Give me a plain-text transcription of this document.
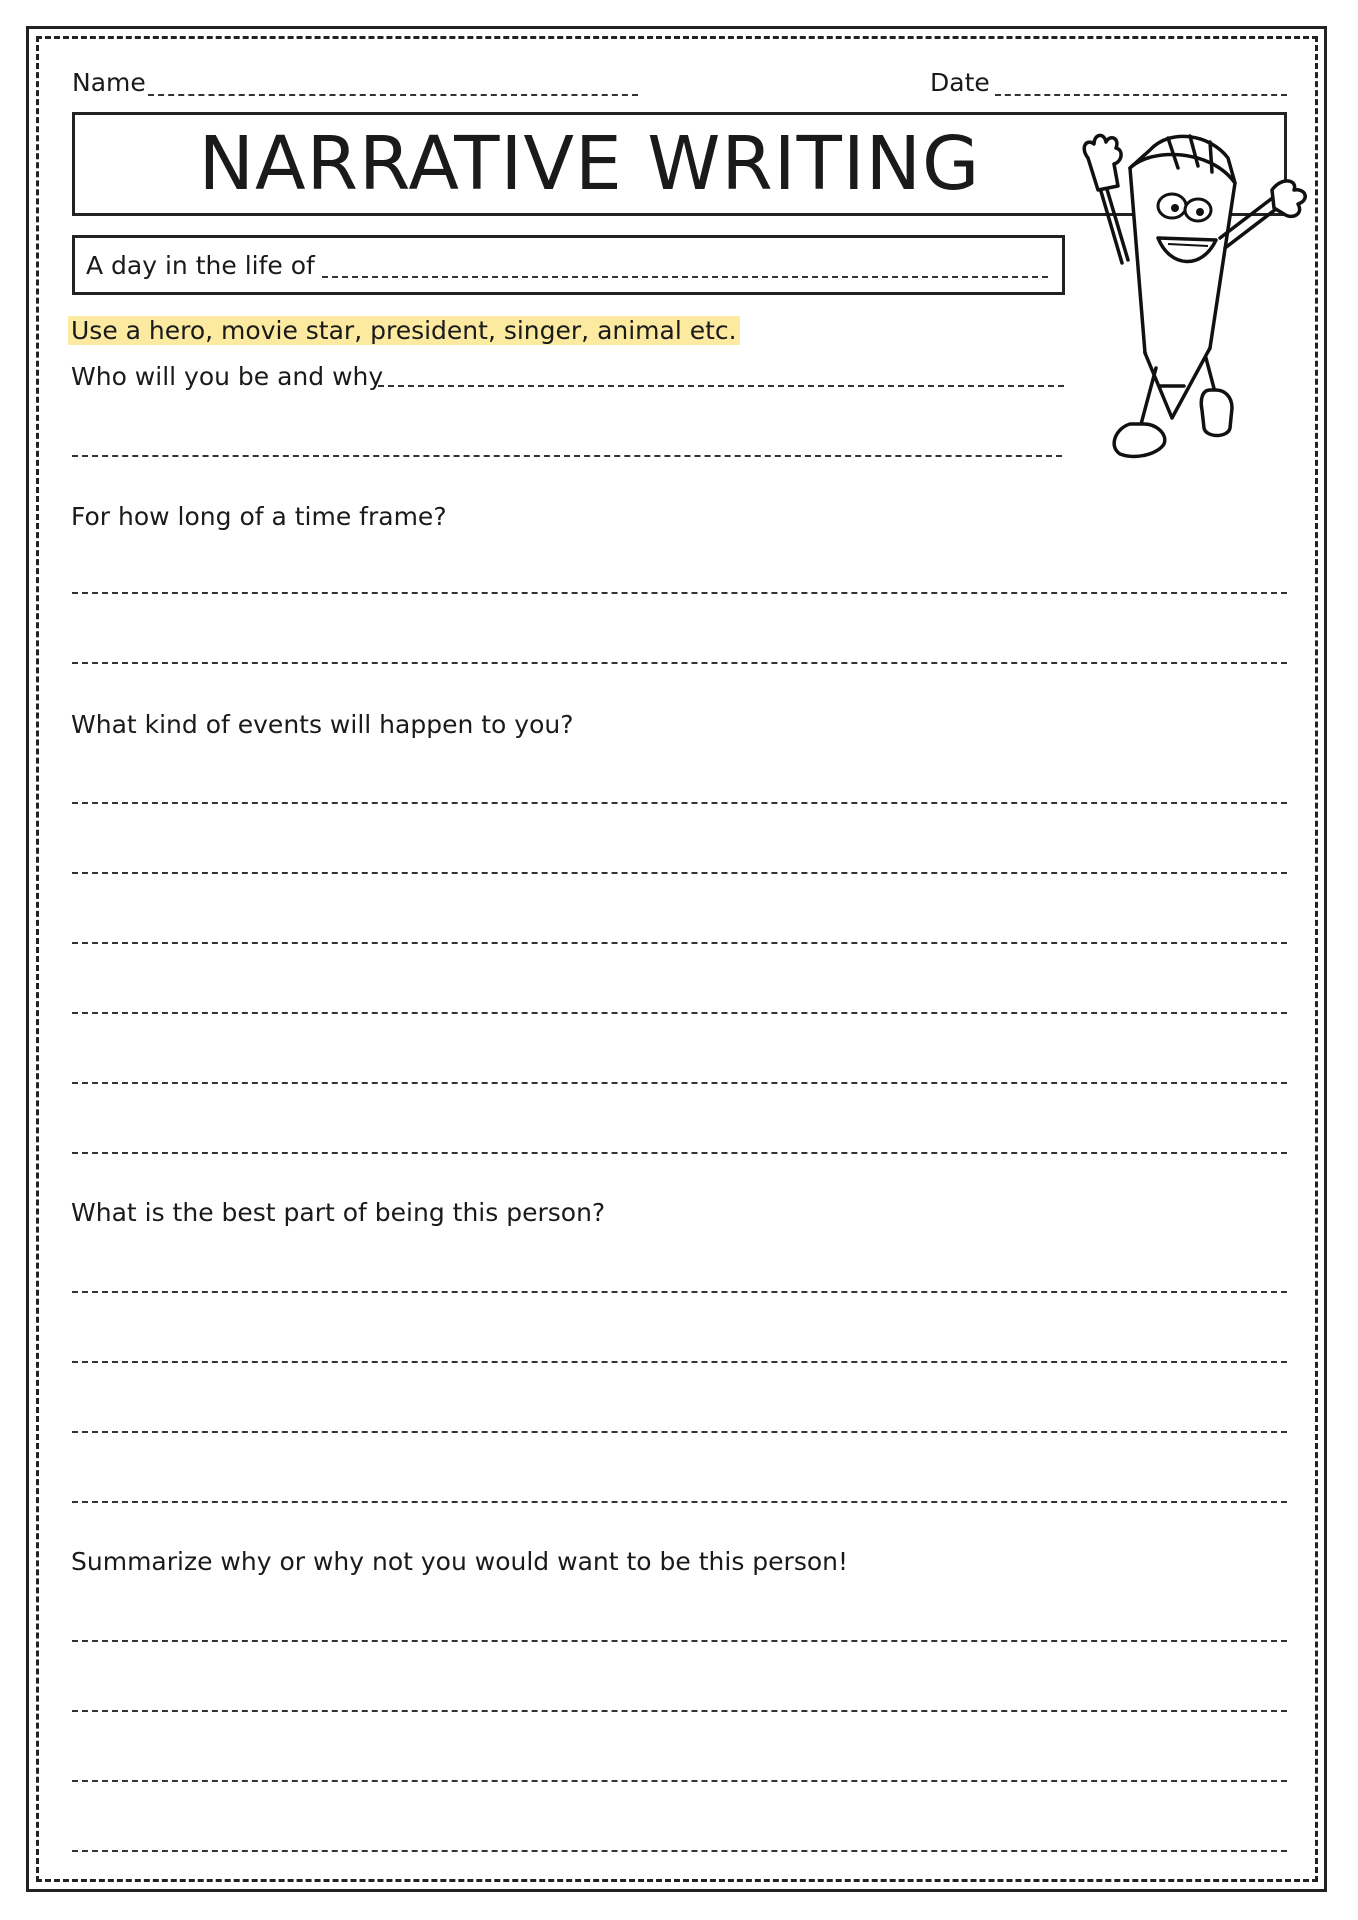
Name	Date
NARRATIVE WRITING
A day in the life of
Use a hero, movie star, president, singer, animal etc.
Who will you be and why
For how long of a time frame?
What kind of events will happen to you?
What is the best part of being this person?
Summarize why or why not you would want to be this person!
